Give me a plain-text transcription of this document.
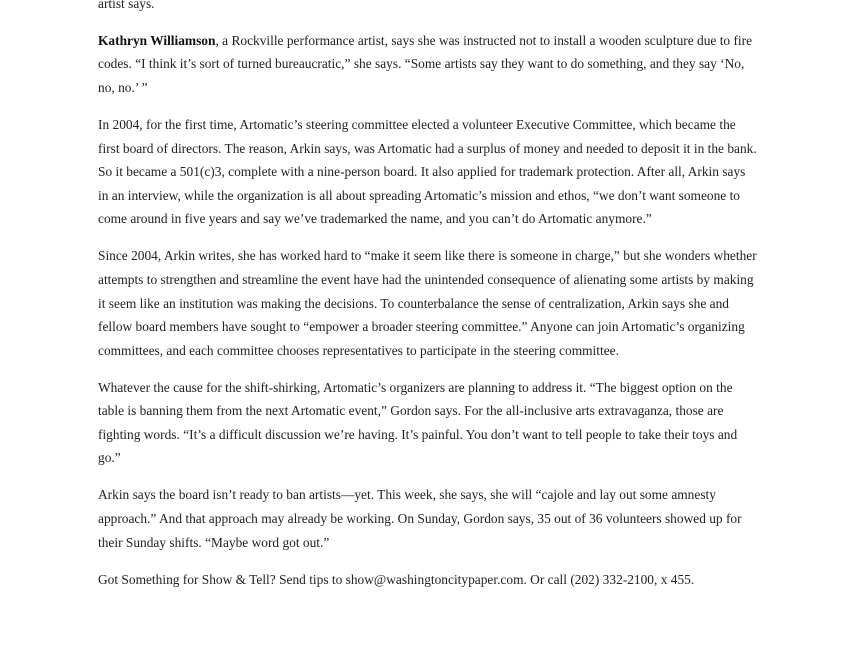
artist says.

Kathryn Williamson, a Rockville performance artist, says she was instructed not to install a wooden sculpture due to fire codes. “I think it’s sort of turned bureaucratic,” she says. “Some artists say they want to do something, and they say ‘No, no, no.’ ”

In 2004, for the first time, Artomatic’s steering committee elected a volunteer Executive Committee, which became the first board of directors. The reason, Arkin says, was Artomatic had a surplus of money and needed to deposit it in the bank. So it became a 501(c)3, complete with a nine-person board. It also applied for trademark protection. After all, Arkin says in an interview, while the organization is all about spreading Artomatic’s mission and ethos, “we don’t want someone to come around in five years and say we’ve trademarked the name, and you can’t do Artomatic anymore.”

Since 2004, Arkin writes, she has worked hard to “make it seem like there is someone in charge,” but she wonders whether attempts to strengthen and streamline the event have had the unintended consequence of alienating some artists by making it seem like an institution was making the decisions. To counterbalance the sense of centralization, Arkin says she and fellow board members have sought to “empower a broader steering committee.” Anyone can join Artomatic’s organizing committees, and each committee chooses representatives to participate in the steering committee.

Whatever the cause for the shift-shirking, Artomatic’s organizers are planning to address it. “The biggest option on the table is banning them from the next Artomatic event,” Gordon says. For the all-inclusive arts extravaganza, those are fighting words. “It’s a difficult discussion we’re having. It’s painful. You don’t want to tell people to take their toys and go.”

Arkin says the board isn’t ready to ban artists—yet. This week, she says, she will “cajole and lay out some amnesty approach.” And that approach may already be working. On Sunday, Gordon says, 35 out of 36 volunteers showed up for their Sunday shifts. “Maybe word got out.”

Got Something for Show & Tell? Send tips to show@washingtoncitypaper.com. Or call (202) 332-2100, x 455.
